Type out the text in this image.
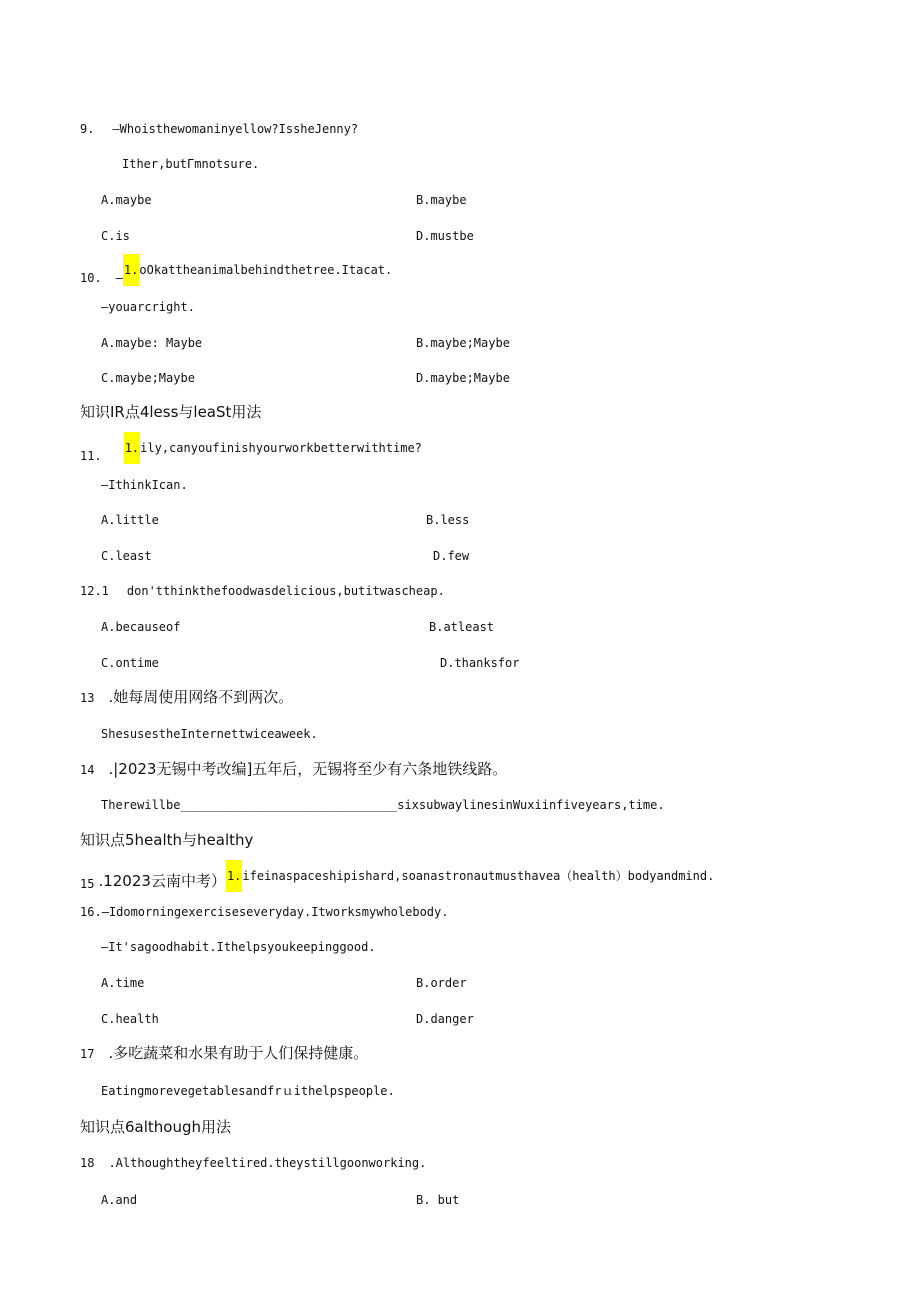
9. —Whoisthewomaninyellow?IssheJenny?
Ither,butΓmnotsure.
A.maybe	B.maybe
C.is	D.mustbe
10. —1.oOkattheanimalbehindthetree.Itacat.
—youarcright.
A.maybe: Maybe	B.maybe;Maybe
C.maybe;Maybe	D.maybe;Maybe
知识IR点4less与leaSt用法
11.1.ily,canyoufinishyourworkbetterwithtime?
—IthinkIcan.
A.little	B.less
C.least	D.few
12.1 don'tthinkthefoodwasdelicious,butitwascheap.
A.becauseof	B.atleast
C.ontime	D.thanksfor
13 .她每周使用网络不到两次。
ShesusestheInternettwiceaweek.
14 .|2023无锡中考改编]五年后，无锡将至少有六条地铁线路。
Therewillbe______________________________sixsubwaylinesinWuxiinfiveyears,time.
知识点5health与healthy
15 .12023云南中考）1.ifeinaspaceshipishard,soanastronautmusthavea（health）bodyandmind.
16.—Idomorningexerciseseveryday.Itworksmywholebody.
—It'sagoodhabit.Ithelpsyoukeepinggood.
A.time	B.order
C.health	D.danger
17 .多吃蔬菜和水果有助于人们保持健康。
Eatingmorevegetablesandfrｕithelpspeople.
知识点6although用法
18 .Althoughtheyfeeltired.theystillgoonworking.
A.and	B. but
